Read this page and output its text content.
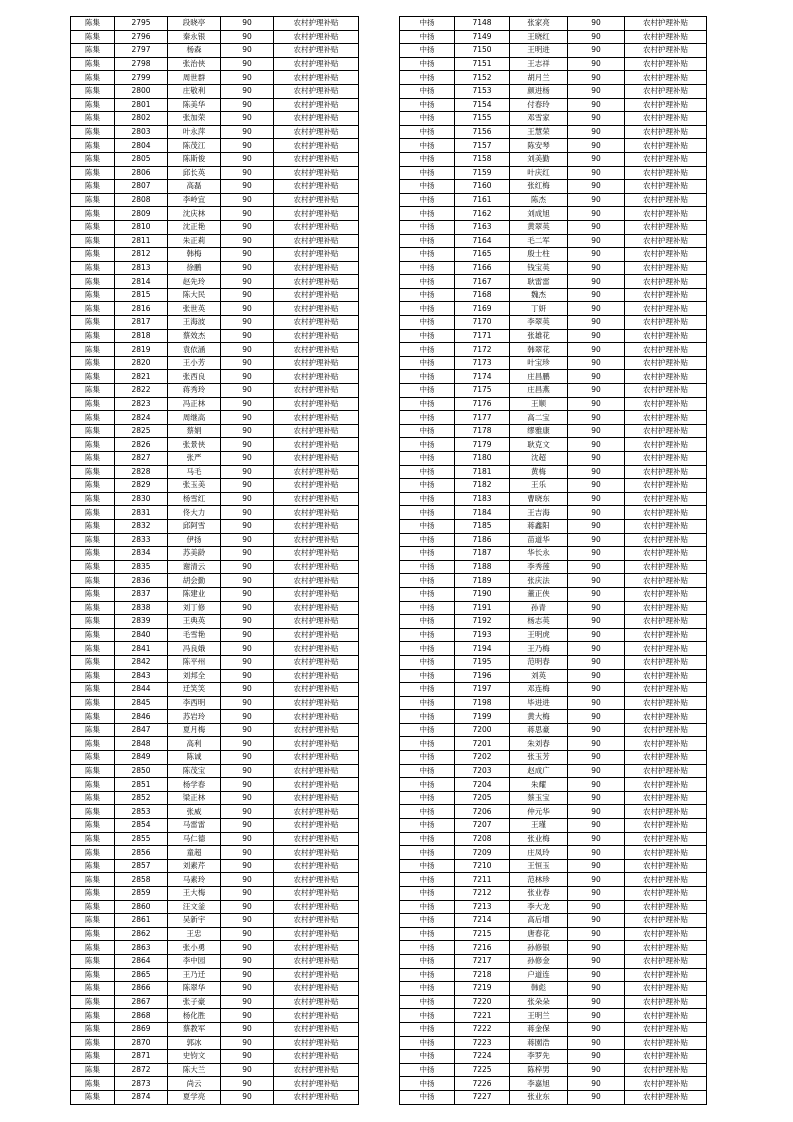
陈集	2795	段晓亭	90	农村护理补贴
陈集	2796	秦永银	90	农村护理补贴
陈集	2797	杨森	90	农村护理补贴
陈集	2798	张治侠	90	农村护理补贴
陈集	2799	周世群	90	农村护理补贴
陈集	2800	庄敬利	90	农村护理补贴
陈集	2801	陈美华	90	农村护理补贴
陈集	2802	张加荣	90	农村护理补贴
陈集	2803	叶永萍	90	农村护理补贴
陈集	2804	陈茂江	90	农村护理补贴
陈集	2805	陈斯俊	90	农村护理补贴
陈集	2806	邱长英	90	农村护理补贴
陈集	2807	高磊	90	农村护理补贴
陈集	2808	李岭宜	90	农村护理补贴
陈集	2809	沈庆林	90	农村护理补贴
陈集	2810	沈正艳	90	农村护理补贴
陈集	2811	朱正莉	90	农村护理补贴
陈集	2812	韩梅	90	农村护理补贴
陈集	2813	徐鹏	90	农村护理补贴
陈集	2814	赵先玲	90	农村护理补贴
陈集	2815	陈大民	90	农村护理补贴
陈集	2816	张世英	90	农村护理补贴
陈集	2817	王海波	90	农村护理补贴
陈集	2818	蔡效杰	90	农村护理补贴
陈集	2819	袁依涵	90	农村护理补贴
陈集	2820	王小芳	90	农村护理补贴
陈集	2821	张西良	90	农村护理补贴
陈集	2822	蒋秀玲	90	农村护理补贴
陈集	2823	冯正林	90	农村护理补贴
陈集	2824	周继高	90	农村护理补贴
陈集	2825	蔡娟	90	农村护理补贴
陈集	2826	张景侠	90	农村护理补贴
陈集	2827	张严	90	农村护理补贴
陈集	2828	马毛	90	农村护理补贴
陈集	2829	张玉美	90	农村护理补贴
陈集	2830	杨雪红	90	农村护理补贴
陈集	2831	佟大力	90	农村护理补贴
陈集	2832	邱阿雪	90	农村护理补贴
陈集	2833	伊扬	90	农村护理补贴
陈集	2834	苏美龄	90	农村护理补贴
陈集	2835	谢清云	90	农村护理补贴
陈集	2836	胡会勤	90	农村护理补贴
陈集	2837	陈建业	90	农村护理补贴
陈集	2838	刘丁修	90	农村护理补贴
陈集	2839	王典英	90	农村护理补贴
陈集	2840	毛雪艳	90	农村护理补贴
陈集	2841	冯良娥	90	农村护理补贴
陈集	2842	陈平州	90	农村护理补贴
陈集	2843	刘邦全	90	农村护理补贴
陈集	2844	迁笑笑	90	农村护理补贴
陈集	2845	李西明	90	农村护理补贴
陈集	2846	苏岩玲	90	农村护理补贴
陈集	2847	夏月梅	90	农村护理补贴
陈集	2848	高利	90	农村护理补贴
陈集	2849	陈诚	90	农村护理补贴
陈集	2850	陈茂宝	90	农村护理补贴
陈集	2851	杨学春	90	农村护理补贴
陈集	2852	梁正林	90	农村护理补贴
陈集	2853	张威	90	农村护理补贴
陈集	2854	马雷雷	90	农村护理补贴
陈集	2855	马仁德	90	农村护理补贴
陈集	2856	童超	90	农村护理补贴
陈集	2857	刘素芹	90	农村护理补贴
陈集	2858	马素玲	90	农村护理补贴
陈集	2859	王大梅	90	农村护理补贴
陈集	2860	汪文釜	90	农村护理补贴
陈集	2861	吴新宇	90	农村护理补贴
陈集	2862	王忠	90	农村护理补贴
陈集	2863	张小勇	90	农村护理补贴
陈集	2864	李中园	90	农村护理补贴
陈集	2865	王乃迁	90	农村护理补贴
陈集	2866	陈翠华	90	农村护理补贴
陈集	2867	张子豪	90	农村护理补贴
陈集	2868	杨化胜	90	农村护理补贴
陈集	2869	蔡教军	90	农村护理补贴
陈集	2870	郭冰	90	农村护理补贴
陈集	2871	史钧文	90	农村护理补贴
陈集	2872	陈大兰	90	农村护理补贴
陈集	2873	尚云	90	农村护理补贴
陈集	2874	夏学亮	90	农村护理补贴
中扬	7148	张家亮	90	农村护理补贴
中扬	7149	王晓红	90	农村护理补贴
中扬	7150	王明进	90	农村护理补贴
中扬	7151	王志祥	90	农村护理补贴
中扬	7152	胡月兰	90	农村护理补贴
中扬	7153	颜进杨	90	农村护理补贴
中扬	7154	付春玲	90	农村护理补贴
中扬	7155	邓雪家	90	农村护理补贴
中扬	7156	王慧荣	90	农村护理补贴
中扬	7157	陈安琴	90	农村护理补贴
中扬	7158	刘美勤	90	农村护理补贴
中扬	7159	叶庆红	90	农村护理补贴
中扬	7160	张红梅	90	农村护理补贴
中扬	7161	陈杰	90	农村护理补贴
中扬	7162	刘成旭	90	农村护理补贴
中扬	7163	黄翠英	90	农村护理补贴
中扬	7164	毛二军	90	农村护理补贴
中扬	7165	殷士柱	90	农村护理补贴
中扬	7166	钱宝英	90	农村护理补贴
中扬	7167	耿雷雷	90	农村护理补贴
中扬	7168	魏杰	90	农村护理补贴
中扬	7169	丁妍	90	农村护理补贴
中扬	7170	李翠英	90	农村护理补贴
中扬	7171	张雄花	90	农村护理补贴
中扬	7172	韩翠花	90	农村护理补贴
中扬	7173	叶宝珍	90	农村护理补贴
中扬	7174	庄昌鹏	90	农村护理补贴
中扬	7175	庄昌燕	90	农村护理补贴
中扬	7176	王顺	90	农村护理补贴
中扬	7177	高二宝	90	农村护理补贴
中扬	7178	缪雅康	90	农村护理补贴
中扬	7179	耿克文	90	农村护理补贴
中扬	7180	沈超	90	农村护理补贴
中扬	7181	黄梅	90	农村护理补贴
中扬	7182	王乐	90	农村护理补贴
中扬	7183	曹晓东	90	农村护理补贴
中扬	7184	王吉海	90	农村护理补贴
中扬	7185	蒋鑫阳	90	农村护理补贴
中扬	7186	苗道华	90	农村护理补贴
中扬	7187	华长永	90	农村护理补贴
中扬	7188	李秀莲	90	农村护理补贴
中扬	7189	张庆法	90	农村护理补贴
中扬	7190	董正侠	90	农村护理补贴
中扬	7191	孙青	90	农村护理补贴
中扬	7192	杨志英	90	农村护理补贴
中扬	7193	王明虎	90	农村护理补贴
中扬	7194	王乃梅	90	农村护理补贴
中扬	7195	范明春	90	农村护理补贴
中扬	7196	刘英	90	农村护理补贴
中扬	7197	邓连梅	90	农村护理补贴
中扬	7198	毕进进	90	农村护理补贴
中扬	7199	黄大梅	90	农村护理补贴
中扬	7200	蒋思豪	90	农村护理补贴
中扬	7201	朱刘春	90	农村护理补贴
中扬	7202	张玉芳	90	农村护理补贴
中扬	7203	赵成广	90	农村护理补贴
中扬	7204	朱耀	90	农村护理补贴
中扬	7205	蔡玉宝	90	农村护理补贴
中扬	7206	仲元华	90	农村护理补贴
中扬	7207	王瑾	90	农村护理补贴
中扬	7208	张业梅	90	农村护理补贴
中扬	7209	庄凤玲	90	农村护理补贴
中扬	7210	王恒玉	90	农村护理补贴
中扬	7211	范林珍	90	农村护理补贴
中扬	7212	张业春	90	农村护理补贴
中扬	7213	李大龙	90	农村护理补贴
中扬	7214	高后增	90	农村护理补贴
中扬	7215	唐春花	90	农村护理补贴
中扬	7216	孙修银	90	农村护理补贴
中扬	7217	孙修金	90	农村护理补贴
中扬	7218	户道连	90	农村护理补贴
中扬	7219	韩彪	90	农村护理补贴
中扬	7220	张朵朵	90	农村护理补贴
中扬	7221	王明兰	90	农村护理补贴
中扬	7222	蒋金保	90	农村护理补贴
中扬	7223	蒋園浩	90	农村护理补贴
中扬	7224	李罗先	90	农村护理补贴
中扬	7225	陈梓男	90	农村护理补贴
中扬	7226	李嘉旭	90	农村护理补贴
中扬	7227	张业东	90	农村护理补贴
